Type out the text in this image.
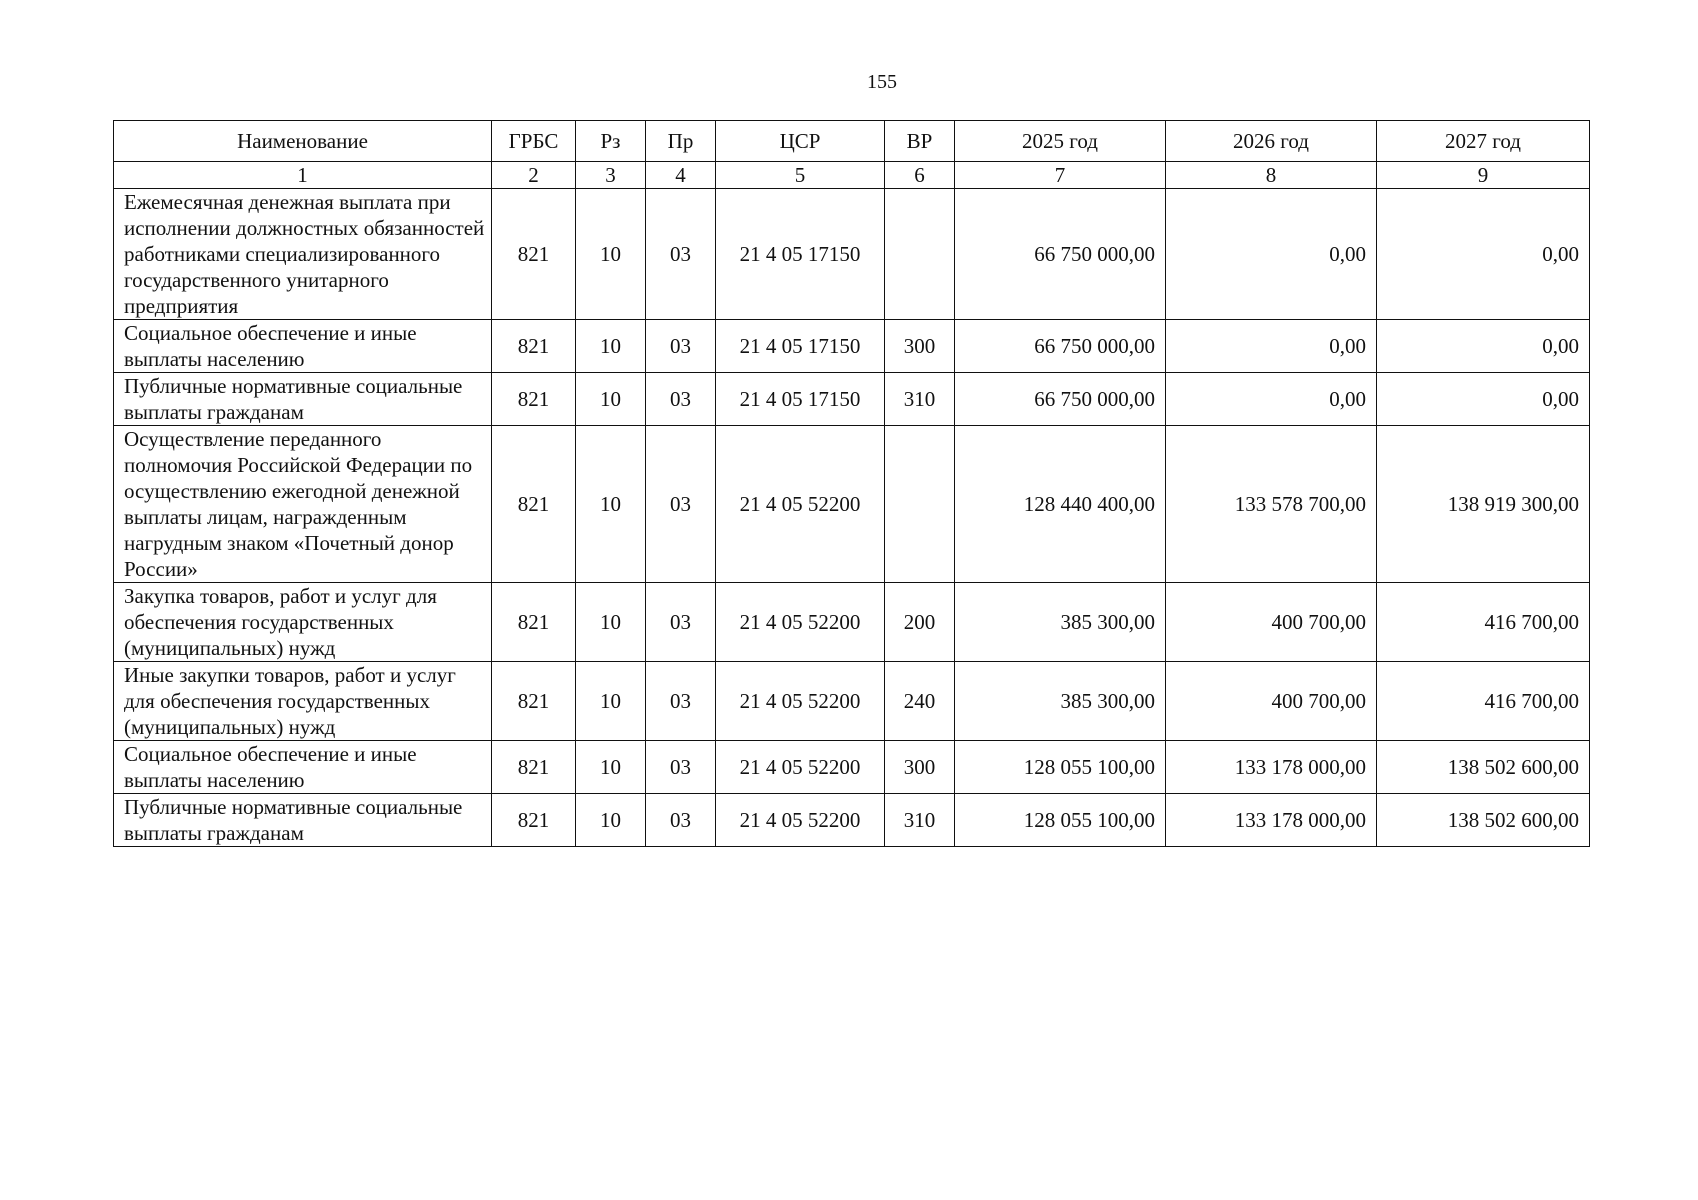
155
Наименование	ГРБС	Рз	Пр	ЦСР	ВР	2025 год	2026 год	2027 год
1	2	3	4	5	6	7	8	9
Ежемесячная денежная выплата при исполнении должностных обязанностей работниками специализированного государственного унитарного предприятия	821	10	03	21 4 05 17150		66 750 000,00	0,00	0,00
Социальное обеспечение и иные выплаты населению	821	10	03	21 4 05 17150	300	66 750 000,00	0,00	0,00
Публичные нормативные социальные выплаты гражданам	821	10	03	21 4 05 17150	310	66 750 000,00	0,00	0,00
Осуществление переданного полномочия Российской Федерации по осуществлению ежегодной денежной выплаты лицам, награжденным нагрудным знаком «Почетный донор России»	821	10	03	21 4 05 52200		128 440 400,00	133 578 700,00	138 919 300,00
Закупка товаров, работ и услуг для обеспечения государственных (муниципальных) нужд	821	10	03	21 4 05 52200	200	385 300,00	400 700,00	416 700,00
Иные закупки товаров, работ и услуг для обеспечения государственных (муниципальных) нужд	821	10	03	21 4 05 52200	240	385 300,00	400 700,00	416 700,00
Социальное обеспечение и иные выплаты населению	821	10	03	21 4 05 52200	300	128 055 100,00	133 178 000,00	138 502 600,00
Публичные нормативные социальные выплаты гражданам	821	10	03	21 4 05 52200	310	128 055 100,00	133 178 000,00	138 502 600,00
